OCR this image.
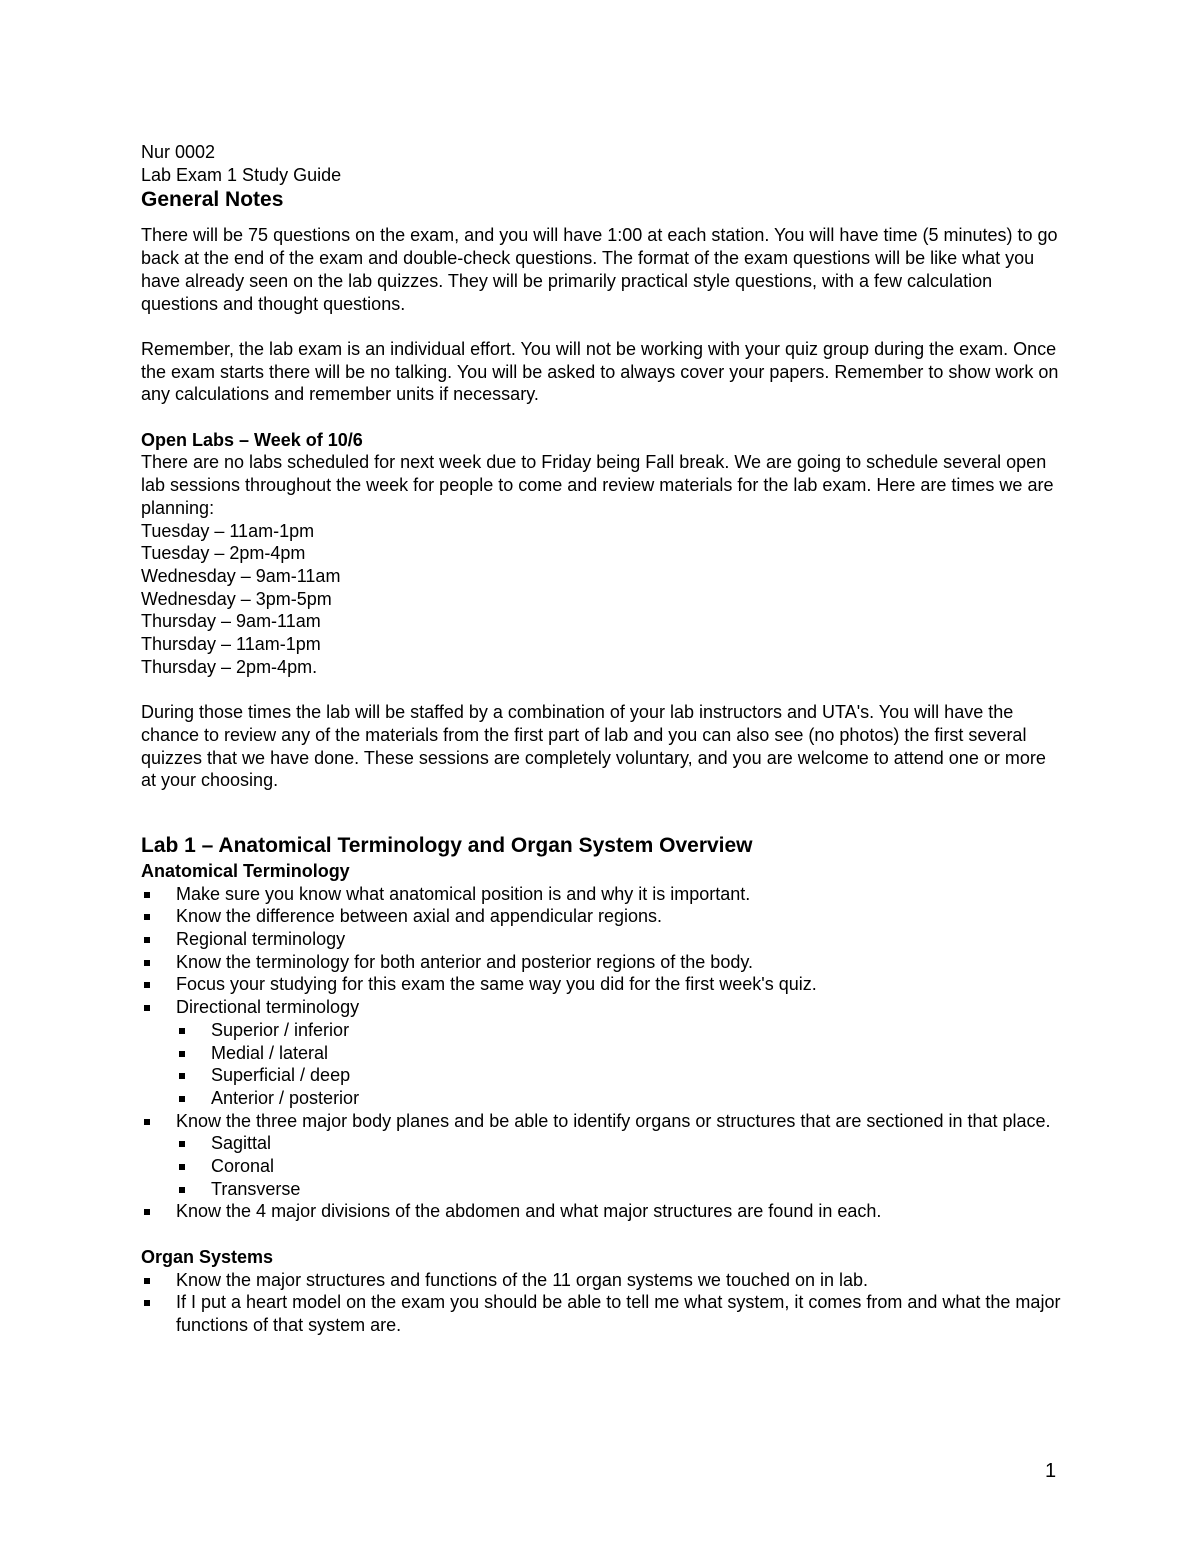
Nur 0002
Lab Exam 1 Study Guide
General Notes

There will be 75 questions on the exam, and you will have 1:00 at each station. You will have time (5 minutes) to go back at the end of the exam and double-check questions. The format of the exam questions will be like what you have already seen on the lab quizzes. They will be primarily practical style questions, with a few calculation questions and thought questions.

Remember, the lab exam is an individual effort. You will not be working with your quiz group during the exam. Once the exam starts there will be no talking. You will be asked to always cover your papers. Remember to show work on any calculations and remember units if necessary.

Open Labs – Week of 10/6

There are no labs scheduled for next week due to Friday being Fall break. We are going to schedule several open lab sessions throughout the week for people to come and review materials for the lab exam. Here are times we are planning:

Tuesday – 11am-1pm
Tuesday – 2pm-4pm
Wednesday – 9am-11am
Wednesday – 3pm-5pm
Thursday – 9am-11am
Thursday – 11am-1pm
Thursday – 2pm-4pm.

During those times the lab will be staffed by a combination of your lab instructors and UTA's. You will have the chance to review any of the materials from the first part of lab and you can also see (no photos) the first several quizzes that we have done. These sessions are completely voluntary, and you are welcome to attend one or more at your choosing.

Lab 1 – Anatomical Terminology and Organ System Overview
Anatomical Terminology
Make sure you know what anatomical position is and why it is important.
Know the difference between axial and appendicular regions.
Regional terminology
Know the terminology for both anterior and posterior regions of the body.
Focus your studying for this exam the same way you did for the first week's quiz.
Directional terminology
Superior / inferior
Medial / lateral
Superficial / deep
Anterior / posterior
Know the three major body planes and be able to identify organs or structures that are sectioned in that place.
Sagittal
Coronal
Transverse
Know the 4 major divisions of the abdomen and what major structures are found in each.
Organ Systems
Know the major structures and functions of the 11 organ systems we touched on in lab.
If I put a heart model on the exam you should be able to tell me what system, it comes from and what the major functions of that system are.
1
